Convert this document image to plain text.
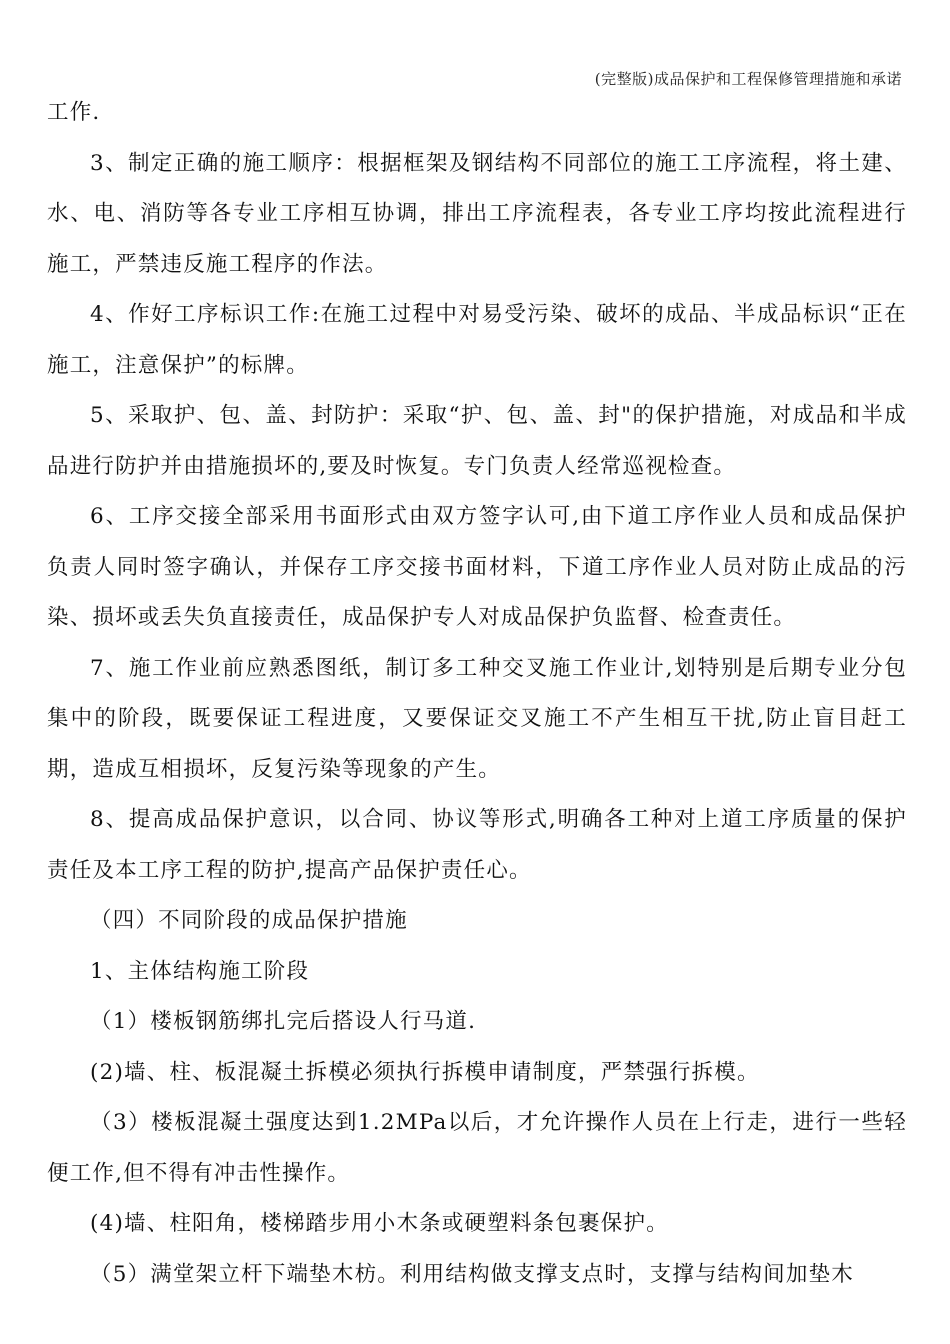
(完整版)成品保护和工程保修管理措施和承诺

工作.

3、制定正确的施工顺序：根据框架及钢结构不同部位的施工工序流程，将土建、水、电、消防等各专业工序相互协调，排出工序流程表，各专业工序均按此流程进行施工，严禁违反施工程序的作法。

4、作好工序标识工作:在施工过程中对易受污染、破坏的成品、半成品标识“正在施工，注意保护”的标牌。

5、采取护、包、盖、封防护：采取“护、包、盖、封"的保护措施，对成品和半成品进行防护并由措施损坏的,要及时恢复。专门负责人经常巡视检查。

6、工序交接全部采用书面形式由双方签字认可,由下道工序作业人员和成品保护负责人同时签字确认，并保存工序交接书面材料，下道工序作业人员对防止成品的污染、损坏或丢失负直接责任，成品保护专人对成品保护负监督、检查责任。

7、施工作业前应熟悉图纸，制订多工种交叉施工作业计,划特别是后期专业分包集中的阶段，既要保证工程进度，又要保证交叉施工不产生相互干扰,防止盲目赶工期，造成互相损坏，反复污染等现象的产生。

8、提高成品保护意识，以合同、协议等形式,明确各工种对上道工序质量的保护责任及本工序工程的防护,提高产品保护责任心。

（四）不同阶段的成品保护措施

1、主体结构施工阶段

（1）楼板钢筋绑扎完后搭设人行马道.

(2)墙、柱、板混凝土拆模必须执行拆模申请制度，严禁强行拆模。

（3）楼板混凝土强度达到1.2MPa以后，才允许操作人员在上行走，进行一些轻便工作,但不得有冲击性操作。

(4)墙、柱阳角，楼梯踏步用小木条或硬塑料条包裹保护。

（5）满堂架立杆下端垫木枋。利用结构做支撑支点时，支撑与结构间加垫木
